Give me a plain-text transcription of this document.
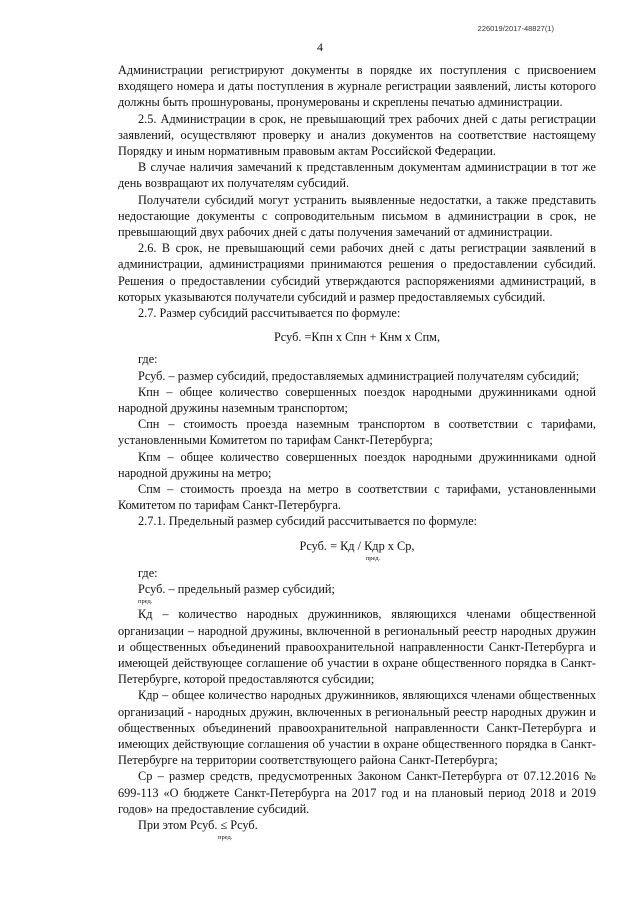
226019/2017-48827(1)
4

Администрации регистрируют документы в порядке их поступления с присвоением входящего номера и даты поступления в журнале регистрации заявлений, листы которого должны быть прошнурованы, пронумерованы и скреплены печатью администрации.

2.5. Администрации в срок, не превышающий трех рабочих дней с даты регистрации заявлений, осуществляют проверку и анализ документов на соответствие настоящему Порядку и иным нормативным правовым актам Российской Федерации.

В случае наличия замечаний к представленным документам администрации в тот же день возвращают их получателям субсидий.

Получатели субсидий могут устранить выявленные недостатки, а также представить недостающие документы с сопроводительным письмом в администрации в срок, не превышающий двух рабочих дней с даты получения замечаний от администрации.

2.6. В срок, не превышающий семи рабочих дней с даты регистрации заявлений в администрации, администрациями принимаются решения о предоставлении субсидий. Решения о предоставлении субсидий утверждаются распоряжениями администраций, в которых указываются получатели субсидий и размер предоставляемых субсидий.

2.7. Размер субсидий рассчитывается по формуле:

Рсуб. =Кпн х Спн + Кнм х Спм,

где:

Рсуб. – размер субсидий, предоставляемых администрацией получателям субсидий;

Кпн – общее количество совершенных поездок народными дружинниками одной народной дружины наземным транспортом;

Спн – стоимость проезда наземным транспортом в соответствии с тарифами, установленными Комитетом по тарифам Санкт-Петербурга;

Кпм – общее количество совершенных поездок народными дружинниками одной народной дружины на метро;

Спм – стоимость проезда на метро в соответствии с тарифами, установленными Комитетом по тарифам Санкт-Петербурга.

2.7.1. Предельный размер субсидий рассчитывается по формуле:

Рсуб. = Кд / Кдр х Ср,

пред.

где:

Рсуб. – предельный размер субсидий;

пред.

Кд – количество народных дружинников, являющихся членами общественной организации – народной дружины, включенной в региональный реестр народных дружин и общественных объединений правоохранительной направленности Санкт-Петербурга и имеющей действующее соглашение об участии в охране общественного порядка в Санкт-Петербурге, которой предоставляются субсидии;

Кдр – общее количество народных дружинников, являющихся членами общественных организаций - народных дружин, включенных в региональный реестр народных дружин и общественных объединений правоохранительной направленности Санкт-Петербурга и имеющих действующие соглашения об участии в охране общественного порядка в Санкт-Петербурге на территории соответствующего района Санкт-Петербурга;

Ср – размер средств, предусмотренных Законом Санкт-Петербурга от 07.12.2016 № 699-113 «О бюджете Санкт-Петербурга на 2017 год и на плановый период 2018 и 2019 годов» на предоставление субсидий.

При этом Рсуб. ≤ Рсуб.

пред.
